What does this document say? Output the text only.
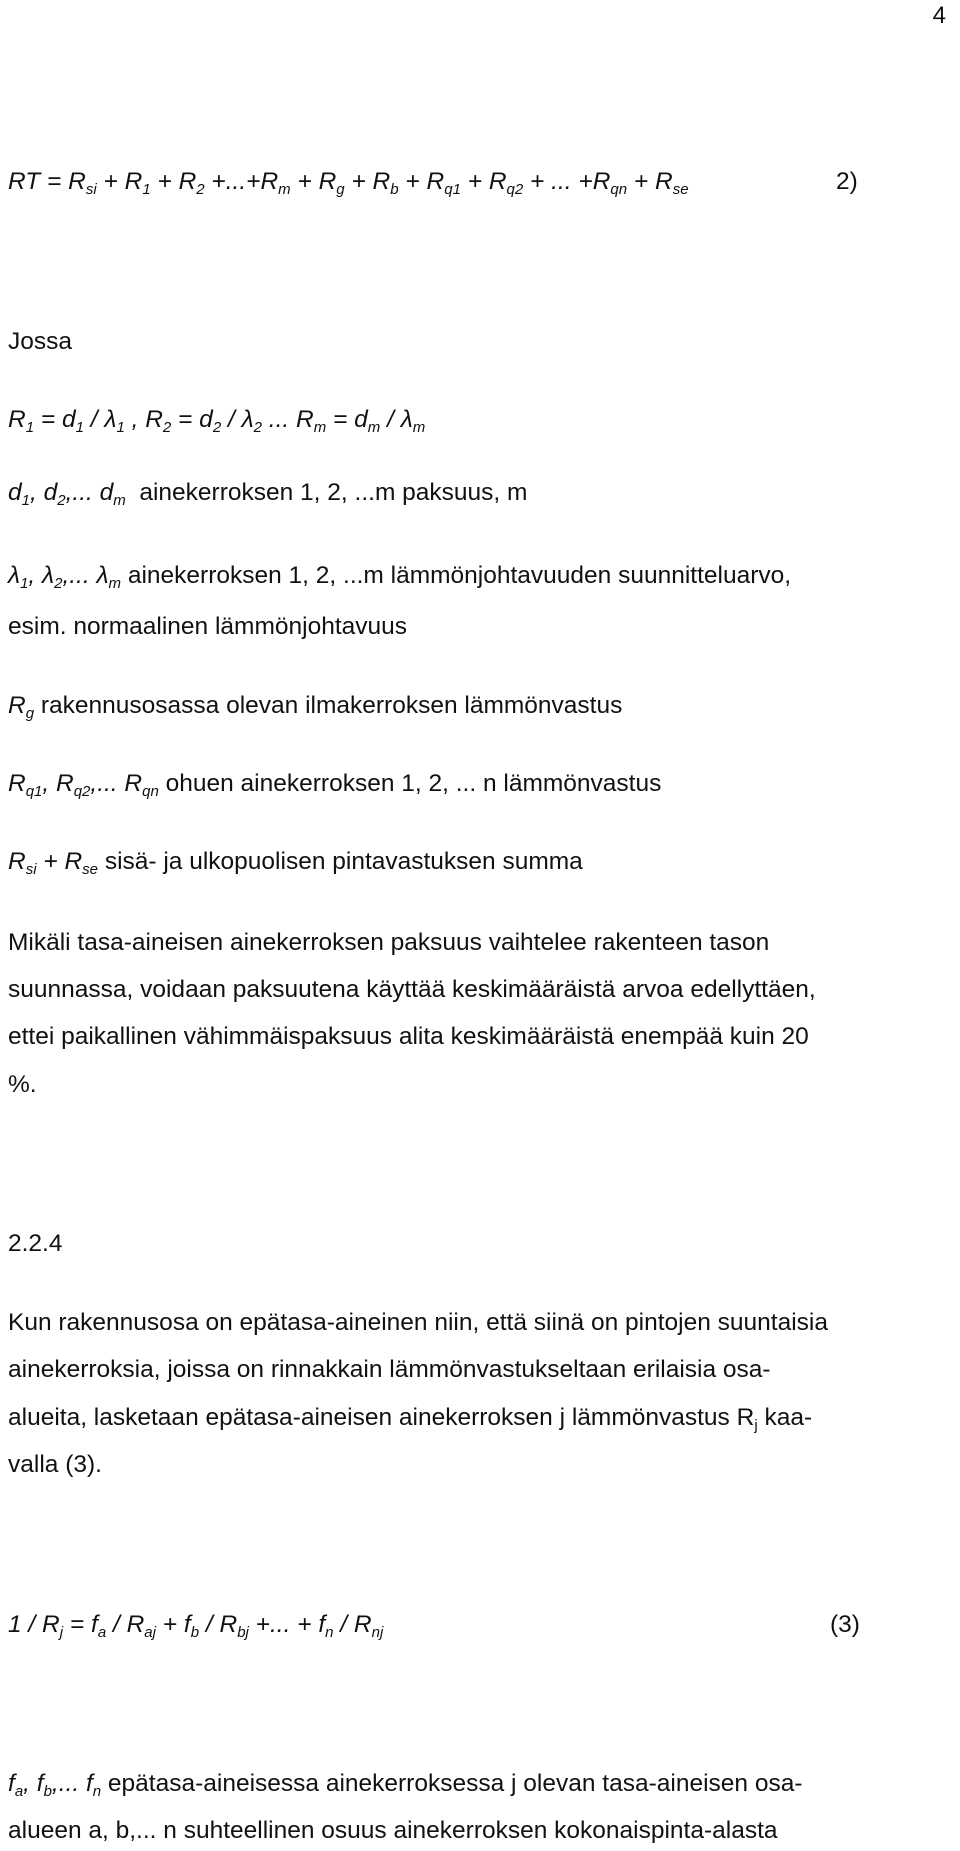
4
RT = $R_{si} + R_1 + R_2 +...+R_m + R_g + R_b + R_{q1} + R_{q2}$ + ... $+R_{qn} + R_{se}$	2)
Jossa
$R_1 = d_1 / \lambda_1$ , $R_2 = d_2 / \lambda_2$ ... $R_m = d_m / \lambda_m$
$d_1$, $d_2$,... $d_m$  ainekerroksen 1, 2, ...m paksuus, m
$\lambda_1$, $\lambda_2$,... $\lambda_m$ ainekerroksen 1, 2, ...m lämmönjohtavuuden suunnitteluarvo,
esim. normaalinen lämmönjohtavuus
$R_g$ rakennusosassa olevan ilmakerroksen lämmönvastus
$R_{q1}$, $R_{q2}$,... $R_{qn}$ ohuen ainekerroksen 1, 2, ... n lämmönvastus
$R_{si} + R_{se}$ sisä- ja ulkopuolisen pintavastuksen summa
Mikäli tasa-aineisen ainekerroksen paksuus vaihtelee rakenteen tason
suunnassa, voidaan paksuutena käyttää keskimääräistä arvoa edellyttäen,
ettei paikallinen vähimmäispaksuus alita keskimääräistä enempää kuin 20
%.
2.2.4
Kun rakennusosa on epätasa-aineinen niin, että siinä on pintojen suuntaisia
ainekerroksia, joissa on rinnakkain lämmönvastukseltaan erilaisia osa-
alueita, lasketaan epätasa-aineisen ainekerroksen j lämmönvastus $R_j$ kaa-
valla (3).
$1 / R_j = f_a / R_{aj} + f_b / R_{bj}$ +... + $f_n / R_{nj}$	(3)
$f_a$, $f_b$,... $f_n$ epätasa-aineisessa ainekerroksessa j olevan tasa-aineisen osa-
alueen a, b,... n suhteellinen osuus ainekerroksen kokonaispinta-alasta
